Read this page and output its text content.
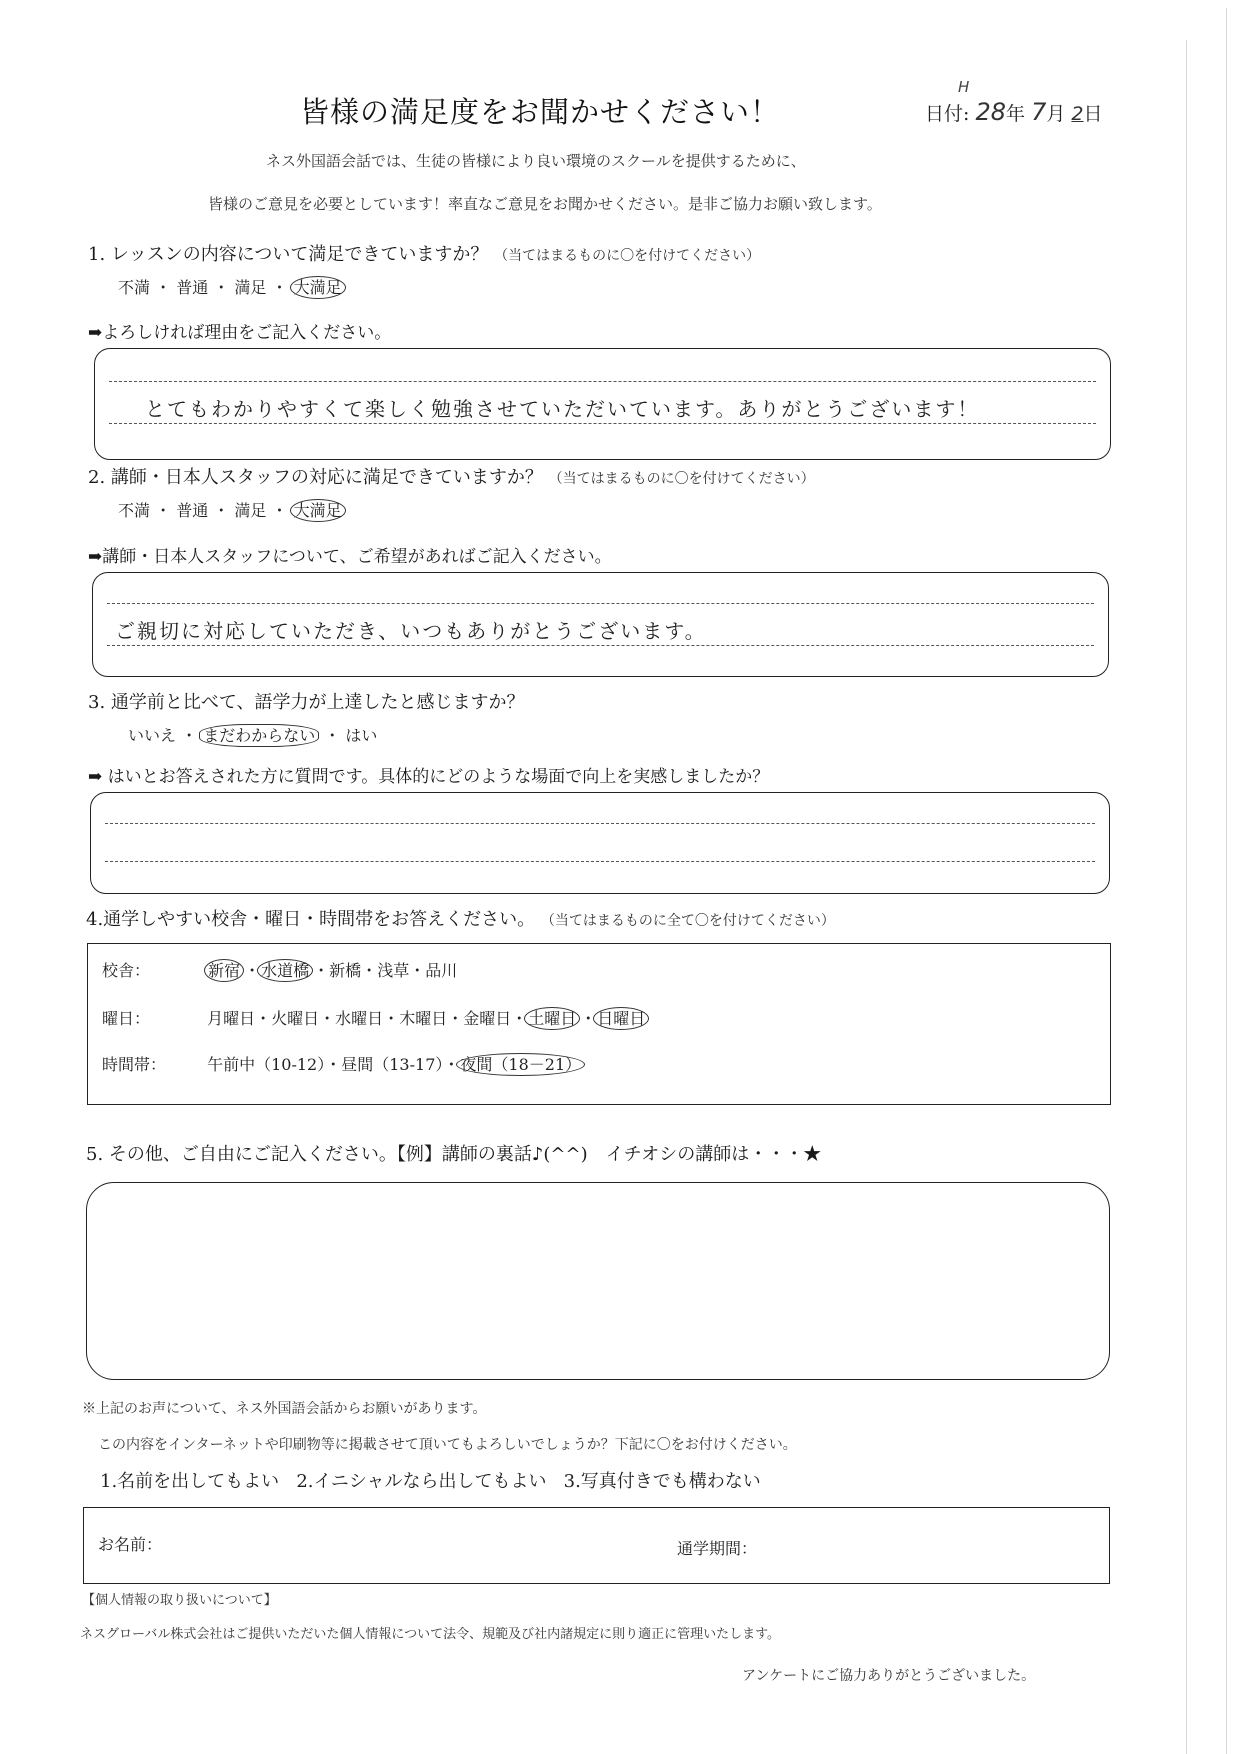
皆様の満足度をお聞かせください！	日付: 28年 7月 2日
H
ネス外国語会話では、生徒の皆様により良い環境のスクールを提供するために、
皆様のご意見を必要としています！率直なご意見をお聞かせください。是非ご協力お願い致します。
1. レッスンの内容について満足できていますか？ （当てはまるものに〇を付けてください）
不満 ・ 普通 ・ 満足 ・ 大満足
➡よろしければ理由をご記入ください。
とてもわかりやすくて楽しく勉強させていただいています。ありがとうございます！
2. 講師・日本人スタッフの対応に満足できていますか？ （当てはまるものに〇を付けてください）
不満 ・ 普通 ・ 満足 ・ 大満足
➡講師・日本人スタッフについて、ご希望があればご記入ください。
ご親切に対応していただき、いつもありがとうございます。
3. 通学前と比べて、語学力が上達したと感じますか？
いいえ ・ まだわからない ・ はい
➡ はいとお答えされた方に質問です。具体的にどのような場面で向上を実感しましたか？
4.通学しやすい校舎・曜日・時間帯をお答えください。 （当てはまるものに全て〇を付けてください）
校舎：	新宿 ・水道橋 ・新橋・浅草・品川
曜日：	月曜日・火曜日・水曜日・木曜日・金曜日・土曜日 ・日曜日
時間帯：	午前中（10-12）・昼間（13-17）・夜間（18－21）
5. その他、ご自由にご記入ください。【例】講師の裏話♪(^^)　イチオシの講師は・・・★
※上記のお声について、ネス外国語会話からお願いがあります。
この内容をインターネットや印刷物等に掲載させて頂いてもよろしいでしょうか？下記に〇をお付けください。
1.名前を出してもよい 2.イニシャルなら出してもよい 3.写真付きでも構わない
お名前：	通学期間：
【個人情報の取り扱いについて】
ネスグローバル株式会社はご提供いただいた個人情報について法令、規範及び社内諸規定に則り適正に管理いたします。
アンケートにご協力ありがとうございました。
